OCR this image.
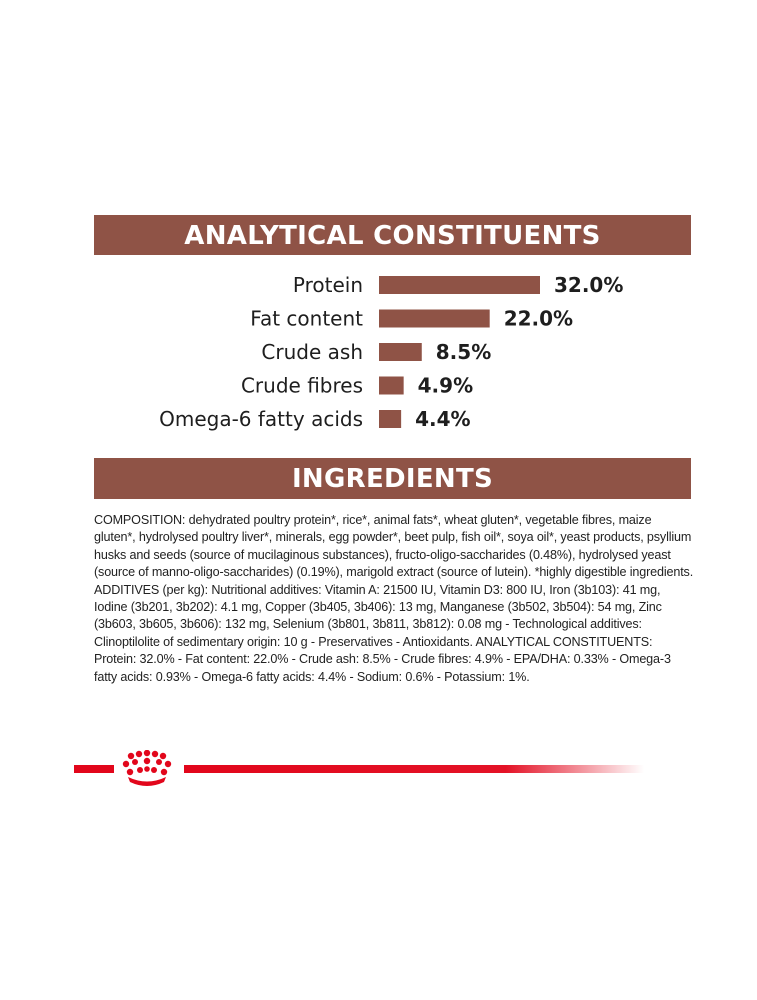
ANALYTICAL CONSTITUENTS
Protein	32.0%
Fat content	22.0%
Crude ash	8.5%
Crude fibres	4.9%
Omega-6 fatty acids	4.4%
INGREDIENTS

COMPOSITION: dehydrated poultry protein*, rice*, animal fats*, wheat gluten*, vegetable fibres, maize gluten*, hydrolysed poultry liver*, minerals, egg powder*, beet pulp, fish oil*, soya oil*, yeast products, psyllium husks and seeds (source of mucilaginous substances), fructo-oligo-saccharides (0.48%), hydrolysed yeast (source of manno-oligo-saccharides) (0.19%), marigold extract (source of lutein). *highly digestible ingredients. ADDITIVES (per kg): Nutritional additives: Vitamin A: 21500 IU, Vitamin D3: 800 IU, Iron (3b103): 41 mg, Iodine (3b201, 3b202): 4.1 mg, Copper (3b405, 3b406): 13 mg, Manganese (3b502, 3b504): 54 mg, Zinc (3b603, 3b605, 3b606): 132 mg, Selenium (3b801, 3b811, 3b812): 0.08 mg - Technological additives: Clinoptilolite of sedimentary origin: 10 g - Preservatives - Antioxidants. ANALYTICAL CONSTITUENTS: Protein: 32.0% - Fat content: 22.0% - Crude ash: 8.5% - Crude fibres: 4.9% - EPA/DHA: 0.33% - Omega-3 fatty acids: 0.93% - Omega-6 fatty acids: 4.4% - Sodium: 0.6% - Potassium: 1%.
